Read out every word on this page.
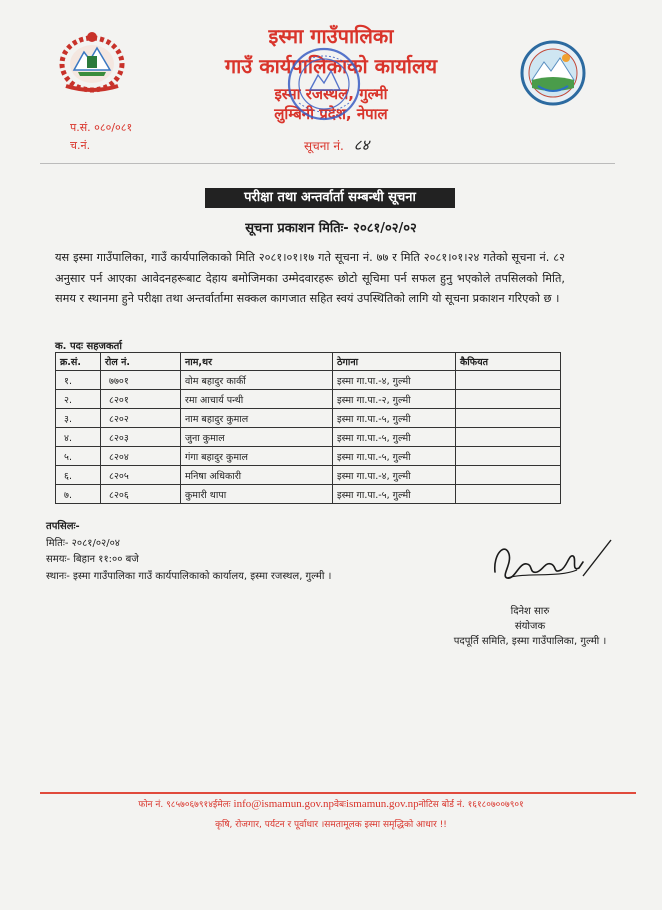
इस्मा गाउँपालिका
गाउँ कार्यपालिकाको कार्यालय
इस्मा रजस्थल, गुल्मी
लुम्बिनी प्रदेश, नेपाल
प.सं. ०८०/०८१
च.नं.	सूचना नं. ८४
परीक्षा तथा अन्तर्वार्ता सम्बन्धी सूचना
सूचना प्रकाशन मितिः- २०८१/०२/०२
यस इस्मा गाउँपालिका, गाउँ कार्यपालिकाको मिति २०८१।०१।१७ गते सूचना नं. ७७ र मिति २०८१।०१।२४ गतेको सूचना नं. ८२ अनुसार पर्न आएका आवेदनहरूबाट देहाय बमोजिमका उम्मेदवारहरू छोटो सूचिमा पर्न सफल हुनु भएकोले तपसिलको मिति, समय र स्थानमा हुने परीक्षा तथा अन्तर्वार्तामा सक्कल कागजात सहित स्वयं उपस्थितिको लागि यो सूचना प्रकाशन गरिएको छ ।
क. पदः सहजकर्ता
क्र.सं.	रोल नं.	नाम,थर	ठेगाना	कैफियत
१.	७७०१	वोम बहादुर कार्की	इस्मा गा.पा.-४, गुल्मी	
२.	८२०१	रमा आचार्य पन्थी	इस्मा गा.पा.-२, गुल्मी	
३.	८२०२	नाम बहादुर कुमाल	इस्मा गा.पा.-५, गुल्मी	
४.	८२०३	जुना कुमाल	इस्मा गा.पा.-५, गुल्मी	
५.	८२०४	गंगा बहादुर कुमाल	इस्मा गा.पा.-५, गुल्मी	
६.	८२०५	मनिषा अधिकारी	इस्मा गा.पा.-४, गुल्मी	
७.	८२०६	कुमारी थापा	इस्मा गा.पा.-५, गुल्मी	
तपसिलः-
मितिः- २०८१/०२/०४
समयः- बिहान ११:०० बजे
स्थानः- इस्मा गाउँपालिका गाउँ कार्यपालिकाको कार्यालय, इस्मा रजस्थल, गुल्मी ।
दिनेश सारु
संयोजक
पदपूर्ति समिति, इस्मा गाउँपालिका, गुल्मी ।
फोन नं. ९८५७०६७९१४ईमेलः info@ismamun.gov.npवेबःismamun.gov.npनोटिस बोर्ड नं. १६१८०७००७९०१
कृषि, रोजगार, पर्यटन र पूर्वाधार ।समतामूलक इस्मा समृद्धिको आधार !!
